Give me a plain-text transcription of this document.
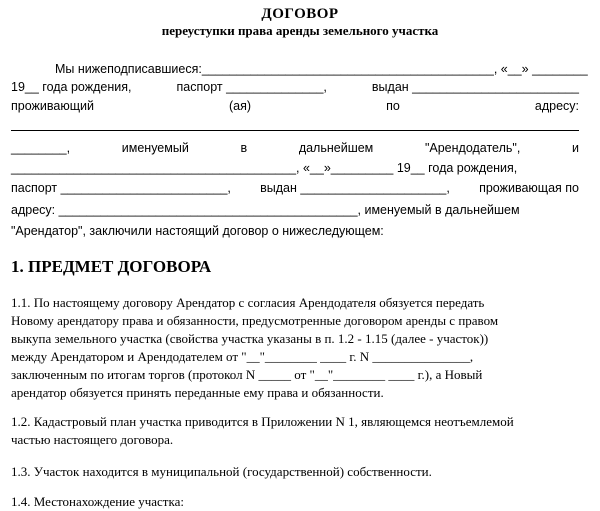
ДОГОВОР
переуступки права аренды земельного участка
Мы нижеподписавшиеся:__________________________________________, «__» ________
19__ года рождения,	паспорт ______________,	выдан ________________________
проживающий	(ая)	по	адресу:
________,	именуемый	в	дальнейшем	"Арендодатель",	и
_________________________________________, «__»_________ 19__ года рождения,
паспорт ________________________, выдан _____________________, проживающая по
адресу: ___________________________________________, именуемый в дальнейшем
"Арендатор", заключили настоящий договор о нижеследующем:
1. ПРЕДМЕТ ДОГОВОРА
1.1. По настоящему договору Арендатор с согласия Арендодателя обязуется передать
Новому арендатору права и обязанности, предусмотренные договором аренды с правом
выкупа земельного участка (свойства участка указаны в п. 1.2 - 1.15 (далее - участок))
между Арендатором и Арендодателем от "__"________ ____ г. N _______________,
заключенным по итогам торгов (протокол N _____ от "__"________ ____ г.), а Новый
арендатор обязуется принять переданные ему права и обязанности.
1.2. Кадастровый план участка приводится в Приложении N 1, являющемся неотъемлемой
частью настоящего договора.
1.3. Участок находится в муниципальной (государственной) собственности.
1.4. Местонахождение участка:
